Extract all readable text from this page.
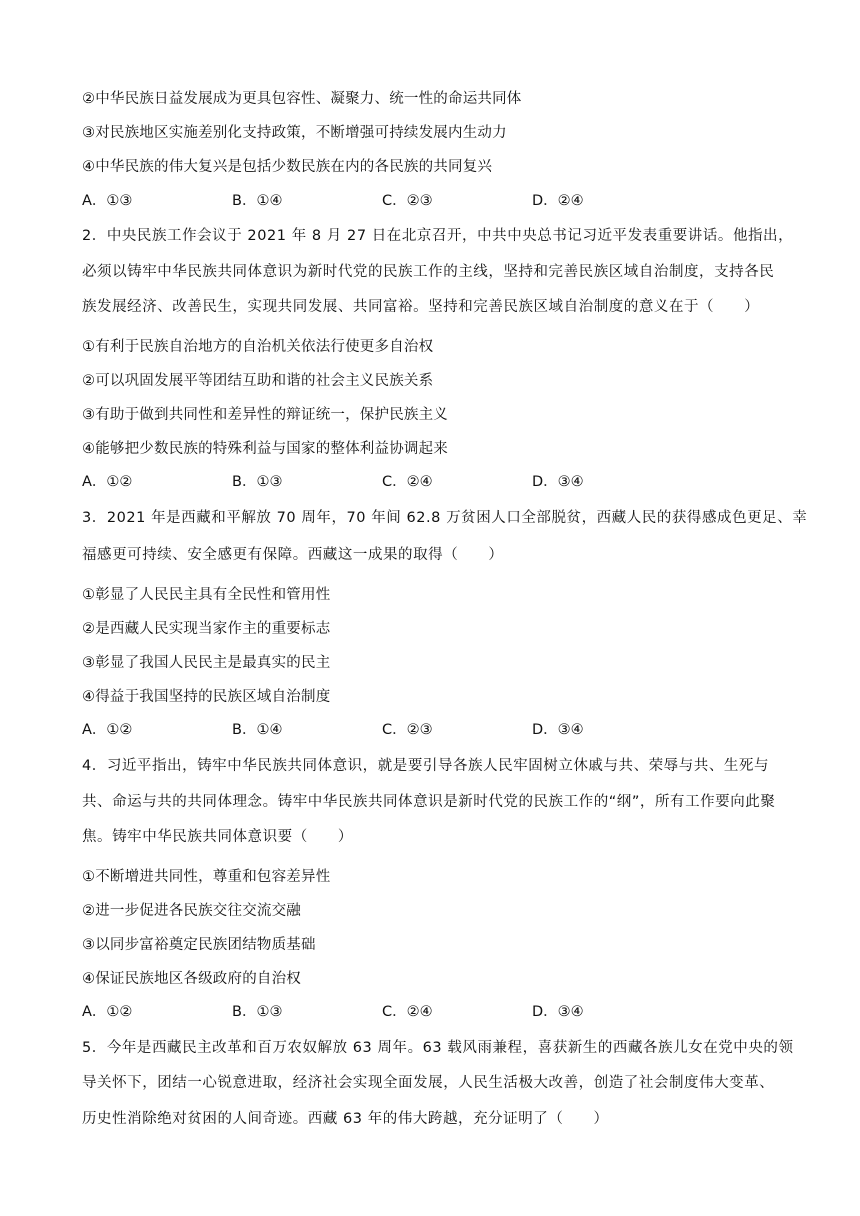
②中华民族日益发展成为更具包容性、凝聚力、统一性的命运共同体
③对民族地区实施差别化支持政策，不断增强可持续发展内生动力
④中华民族的伟大复兴是包括少数民族在内的各民族的共同复兴
A．①③	B．①④	C．②③	D．②④
2．中央民族工作会议于 2021 年 8 月 27 日在北京召开，中共中央总书记习近平发表重要讲话。他指出，
必须以铸牢中华民族共同体意识为新时代党的民族工作的主线，坚持和完善民族区域自治制度，支持各民
族发展经济、改善民生，实现共同发展、共同富裕。坚持和完善民族区域自治制度的意义在于（　　）
①有利于民族自治地方的自治机关依法行使更多自治权
②可以巩固发展平等团结互助和谐的社会主义民族关系
③有助于做到共同性和差异性的辩证统一，保护民族主义
④能够把少数民族的特殊利益与国家的整体利益协调起来
A．①②	B．①③	C．②④	D．③④
3．2021 年是西藏和平解放 70 周年，70 年间 62.8 万贫困人口全部脱贫，西藏人民的获得感成色更足、幸
福感更可持续、安全感更有保障。西藏这一成果的取得（　　）
①彰显了人民民主具有全民性和管用性
②是西藏人民实现当家作主的重要标志
③彰显了我国人民民主是最真实的民主
④得益于我国坚持的民族区域自治制度
A．①②	B．①④	C．②③	D．③④
4．习近平指出，铸牢中华民族共同体意识，就是要引导各族人民牢固树立休戚与共、荣辱与共、生死与
共、命运与共的共同体理念。铸牢中华民族共同体意识是新时代党的民族工作的“纲”，所有工作要向此聚
焦。铸牢中华民族共同体意识要（　　）
①不断增进共同性，尊重和包容差异性
②进一步促进各民族交往交流交融
③以同步富裕奠定民族团结物质基础
④保证民族地区各级政府的自治权
A．①②	B．①③	C．②④	D．③④
5．今年是西藏民主改革和百万农奴解放 63 周年。63 载风雨兼程，喜获新生的西藏各族儿女在党中央的领
导关怀下，团结一心锐意进取，经济社会实现全面发展，人民生活极大改善，创造了社会制度伟大变革、
历史性消除绝对贫困的人间奇迹。西藏 63 年的伟大跨越，充分证明了（　　）
